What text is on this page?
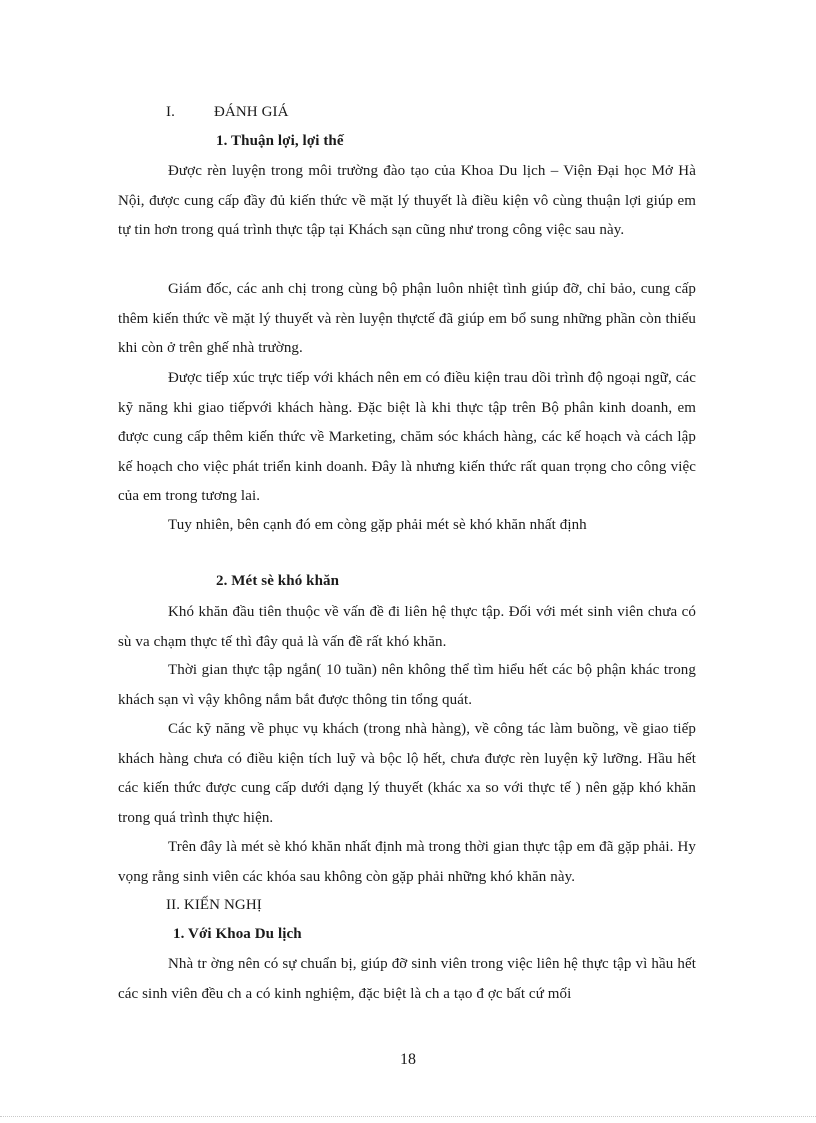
I.	ĐÁNH GIÁ
1. Thuận lợi, lợi thế

Được rèn luyện trong môi trường đào tạo của Khoa Du lịch – Viện Đại học Mở Hà Nội, được cung cấp đầy đủ kiến thức về mặt lý thuyết là điều kiện vô cùng thuận lợi giúp em tự tin hơn trong quá trình thực tập tại Khách sạn cũng như trong công việc sau này.

Giám đốc, các anh chị trong cùng bộ phận luôn nhiệt tình giúp đỡ, chỉ bảo, cung cấp thêm kiến thức về mặt lý thuyết và rèn luyện thựctế đã giúp em bổ sung những phần còn thiếu khi còn ở trên ghế nhà trường.

Được tiếp xúc trực tiếp với khách nên em có điều kiện trau dồi trình độ ngoại ngữ, các kỹ năng khi giao tiếpvới khách hàng. Đặc biệt là khi thực tập trên Bộ phân kinh doanh, em được cung cấp thêm kiến thức về Marketing, chăm sóc khách hàng, các kế hoạch và cách lập kế hoạch cho việc phát triển kinh doanh. Đây là nhưng kiến thức rất quan trọng cho công việc của em trong tương lai.

Tuy nhiên, bên cạnh đó em còng gặp phải mét sè khó khăn nhất định

2. Mét sè khó khăn

Khó khăn đầu tiên thuộc về vấn đề đi liên hệ thực tập. Đối với mét sinh viên chưa có sù va chạm thực tế thì đây quả là vấn đề rất khó khăn.

Thời gian thực tập ngắn( 10 tuần) nên không thể tìm hiểu hết các bộ phận khác trong khách sạn vì vậy không nắm bắt được thông tin tổng quát.

Các kỹ năng về phục vụ khách (trong nhà hàng), về công tác làm buồng, về giao tiếp khách hàng chưa có điều kiện tích luỹ và bộc lộ hết, chưa được rèn luyện kỹ lưỡng. Hầu hết các kiến thức được cung cấp dưới dạng lý thuyết (khác xa so với thực tế ) nên gặp khó khăn trong quá trình thực hiện.

Trên đây là mét sè khó khăn nhất định mà trong thời gian thực tập em đã gặp phải. Hy vọng rằng sinh viên các khóa sau không còn gặp phải những khó khăn này.

II. KIẾN NGHỊ
1. Với Khoa Du lịch

Nhà tr ờng nên có sự chuẩn bị, giúp đỡ sinh viên trong việc liên hệ thực tập vì hầu hết các sinh viên đều ch a có kinh nghiệm, đặc biệt là ch a tạo đ ợc bất cứ mối

18
